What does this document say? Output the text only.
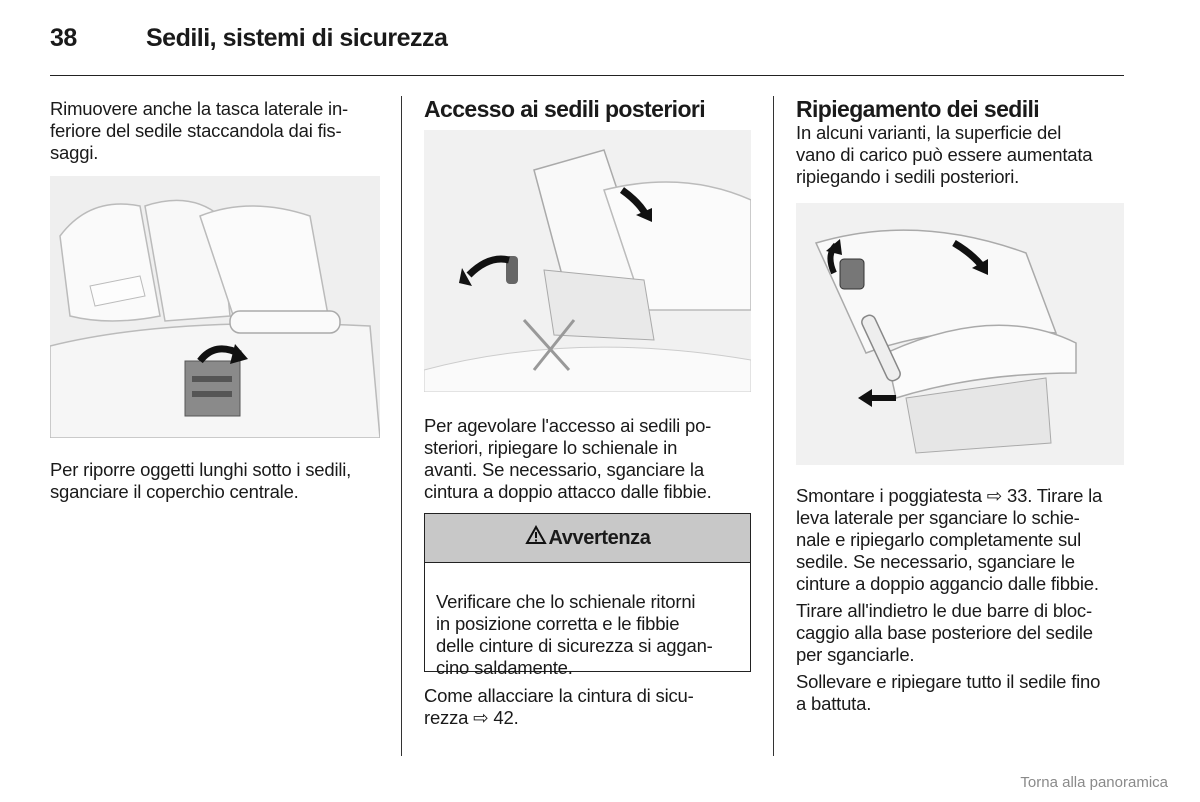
38	Sedili, sistemi di sicurezza

Rimuovere anche la tasca laterale in-
feriore del sedile staccandola dai fis-
saggi.

Per riporre oggetti lunghi sotto i sedili,
sganciare il coperchio centrale.

Accesso ai sedili posteriori

Per agevolare l'accesso ai sedili po-
steriori, ripiegare lo schienale in
avanti. Se necessario, sganciare la
cintura a doppio attacco dalle fibbie.

Avvertenza

Verificare che lo schienale ritorni
in posizione corretta e le fibbie
delle cinture di sicurezza si aggan-
cino saldamente.

Come allacciare la cintura di sicu-
rezza ⇨ 42.

Ripiegamento dei sedili

In alcuni varianti, la superficie del
vano di carico può essere aumentata
ripiegando i sedili posteriori.

Smontare i poggiatesta ⇨ 33. Tirare la
leva laterale per sganciare lo schie-
nale e ripiegarlo completamente sul
sedile. Se necessario, sganciare le
cinture a doppio aggancio dalle fibbie.

Tirare all'indietro le due barre di bloc-
caggio alla base posteriore del sedile
per sganciarle.

Sollevare e ripiegare tutto il sedile fino
a battuta.

Torna alla panoramica
